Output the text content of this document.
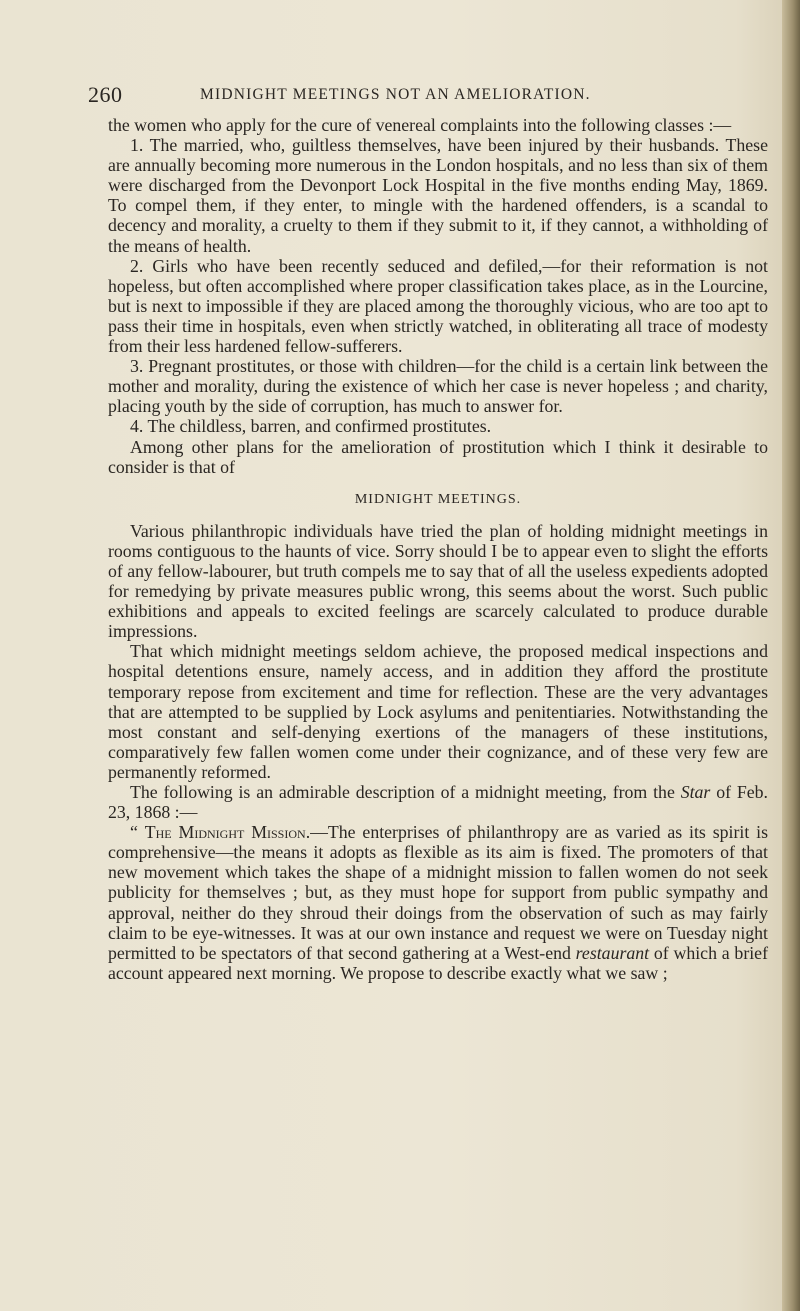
260	MIDNIGHT MEETINGS NOT AN AMELIORATION.

the women who apply for the cure of venereal complaints into the following classes :—

1. The married, who, guiltless themselves, have been injured by their husbands. These are annually becoming more numerous in the London hospitals, and no less than six of them were discharged from the Devonport Lock Hospital in the five months ending May, 1869. To compel them, if they enter, to mingle with the hardened offenders, is a scandal to decency and morality, a cruelty to them if they submit to it, if they cannot, a withholding of the means of health.

2. Girls who have been recently seduced and defiled,—for their reformation is not hopeless, but often accomplished where proper classification takes place, as in the Lourcine, but is next to impossible if they are placed among the thoroughly vicious, who are too apt to pass their time in hospitals, even when strictly watched, in obliterating all trace of modesty from their less hardened fellow-sufferers.

3. Pregnant prostitutes, or those with children—for the child is a certain link between the mother and morality, during the existence of which her case is never hopeless ; and charity, placing youth by the side of corruption, has much to answer for.

4. The childless, barren, and confirmed prostitutes.

Among other plans for the amelioration of prostitution which I think it desirable to consider is that of

MIDNIGHT MEETINGS.

Various philanthropic individuals have tried the plan of holding midnight meetings in rooms contiguous to the haunts of vice. Sorry should I be to appear even to slight the efforts of any fellow-labourer, but truth compels me to say that of all the useless expedients adopted for remedying by private measures public wrong, this seems about the worst. Such public exhibitions and appeals to excited feelings are scarcely calculated to produce durable impressions.

That which midnight meetings seldom achieve, the proposed medical inspections and hospital detentions ensure, namely access, and in addition they afford the prostitute temporary repose from excitement and time for reflection. These are the very advantages that are attempted to be supplied by Lock asylums and penitentiaries. Notwithstanding the most constant and self-denying exertions of the managers of these institutions, comparatively few fallen women come under their cognizance, and of these very few are permanently reformed.

The following is an admirable description of a midnight meeting, from the Star of Feb. 23, 1868 :—

“ The Midnight Mission.—The enterprises of philanthropy are as varied as its spirit is comprehensive—the means it adopts as flexible as its aim is fixed. The promoters of that new movement which takes the shape of a midnight mission to fallen women do not seek publicity for themselves ; but, as they must hope for support from public sympathy and approval, neither do they shroud their doings from the observation of such as may fairly claim to be eye-witnesses. It was at our own instance and request we were on Tuesday night permitted to be spectators of that second gathering at a West-end restaurant of which a brief account appeared next morning. We propose to describe exactly what we saw ;
